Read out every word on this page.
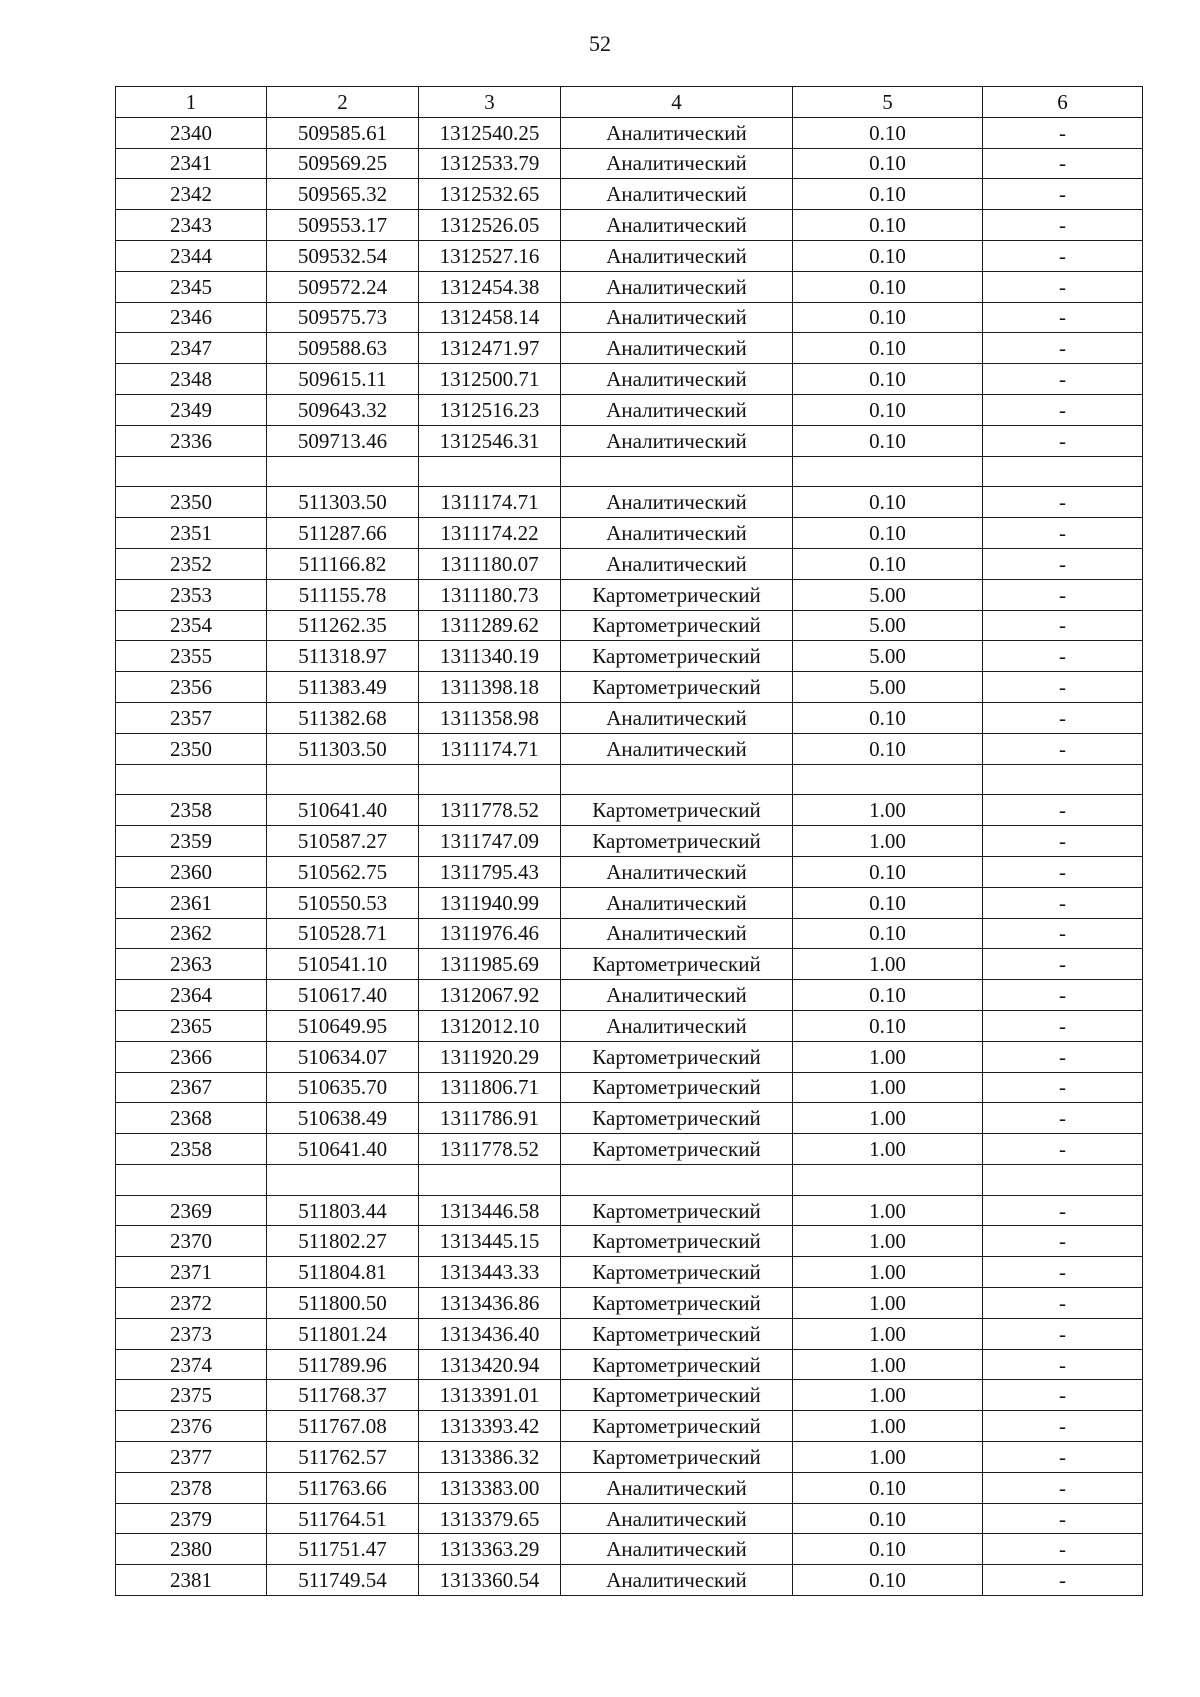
52
1	2	3	4	5	6
2340	509585.61	1312540.25	Аналитический	0.10	-
2341	509569.25	1312533.79	Аналитический	0.10	-
2342	509565.32	1312532.65	Аналитический	0.10	-
2343	509553.17	1312526.05	Аналитический	0.10	-
2344	509532.54	1312527.16	Аналитический	0.10	-
2345	509572.24	1312454.38	Аналитический	0.10	-
2346	509575.73	1312458.14	Аналитический	0.10	-
2347	509588.63	1312471.97	Аналитический	0.10	-
2348	509615.11	1312500.71	Аналитический	0.10	-
2349	509643.32	1312516.23	Аналитический	0.10	-
2336	509713.46	1312546.31	Аналитический	0.10	-

2350	511303.50	1311174.71	Аналитический	0.10	-
2351	511287.66	1311174.22	Аналитический	0.10	-
2352	511166.82	1311180.07	Аналитический	0.10	-
2353	511155.78	1311180.73	Картометрический	5.00	-
2354	511262.35	1311289.62	Картометрический	5.00	-
2355	511318.97	1311340.19	Картометрический	5.00	-
2356	511383.49	1311398.18	Картометрический	5.00	-
2357	511382.68	1311358.98	Аналитический	0.10	-
2350	511303.50	1311174.71	Аналитический	0.10	-

2358	510641.40	1311778.52	Картометрический	1.00	-
2359	510587.27	1311747.09	Картометрический	1.00	-
2360	510562.75	1311795.43	Аналитический	0.10	-
2361	510550.53	1311940.99	Аналитический	0.10	-
2362	510528.71	1311976.46	Аналитический	0.10	-
2363	510541.10	1311985.69	Картометрический	1.00	-
2364	510617.40	1312067.92	Аналитический	0.10	-
2365	510649.95	1312012.10	Аналитический	0.10	-
2366	510634.07	1311920.29	Картометрический	1.00	-
2367	510635.70	1311806.71	Картометрический	1.00	-
2368	510638.49	1311786.91	Картометрический	1.00	-
2358	510641.40	1311778.52	Картометрический	1.00	-

2369	511803.44	1313446.58	Картометрический	1.00	-
2370	511802.27	1313445.15	Картометрический	1.00	-
2371	511804.81	1313443.33	Картометрический	1.00	-
2372	511800.50	1313436.86	Картометрический	1.00	-
2373	511801.24	1313436.40	Картометрический	1.00	-
2374	511789.96	1313420.94	Картометрический	1.00	-
2375	511768.37	1313391.01	Картометрический	1.00	-
2376	511767.08	1313393.42	Картометрический	1.00	-
2377	511762.57	1313386.32	Картометрический	1.00	-
2378	511763.66	1313383.00	Аналитический	0.10	-
2379	511764.51	1313379.65	Аналитический	0.10	-
2380	511751.47	1313363.29	Аналитический	0.10	-
2381	511749.54	1313360.54	Аналитический	0.10	-
